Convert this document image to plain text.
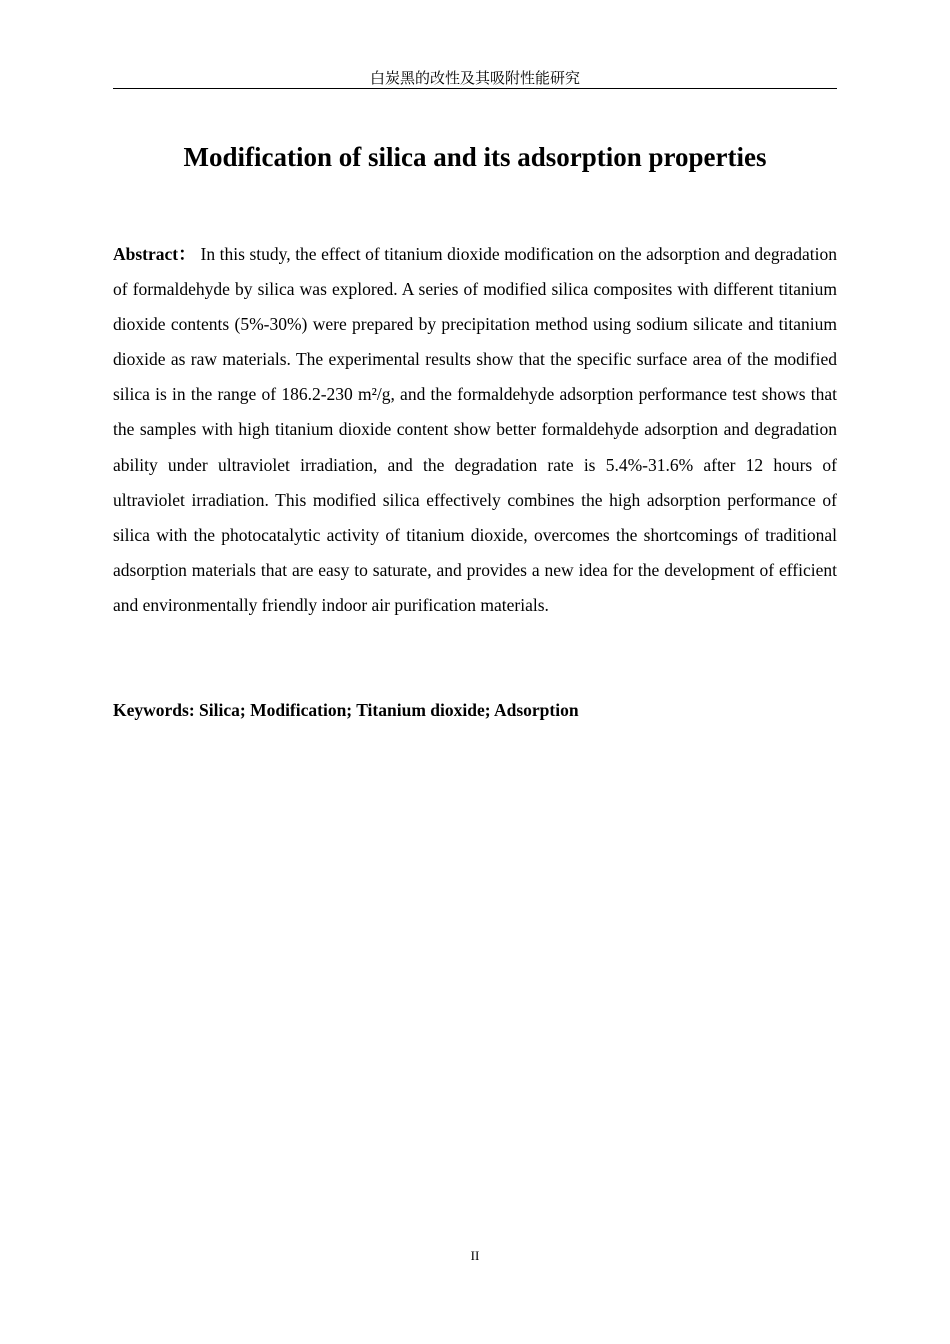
白炭黑的改性及其吸附性能研究
Modification of silica and its adsorption properties

Abstract： In this study, the effect of titanium dioxide modification on the adsorption and degradation of formaldehyde by silica was explored. A series of modified silica composites with different titanium dioxide contents (5%-30%) were prepared by precipitation method using sodium silicate and titanium dioxide as raw materials. The experimental results show that the specific surface area of the modified silica is in the range of 186.2-230 m²/g, and the formaldehyde adsorption performance test shows that the samples with high titanium dioxide content show better formaldehyde adsorption and degradation ability under ultraviolet irradiation, and the degradation rate is 5.4%-31.6% after 12 hours of ultraviolet irradiation. This modified silica effectively combines the high adsorption performance of silica with the photocatalytic activity of titanium dioxide, overcomes the shortcomings of traditional adsorption materials that are easy to saturate, and provides a new idea for the development of efficient and environmentally friendly indoor air purification materials.

Keywords: Silica; Modification; Titanium dioxide; Adsorption

II
